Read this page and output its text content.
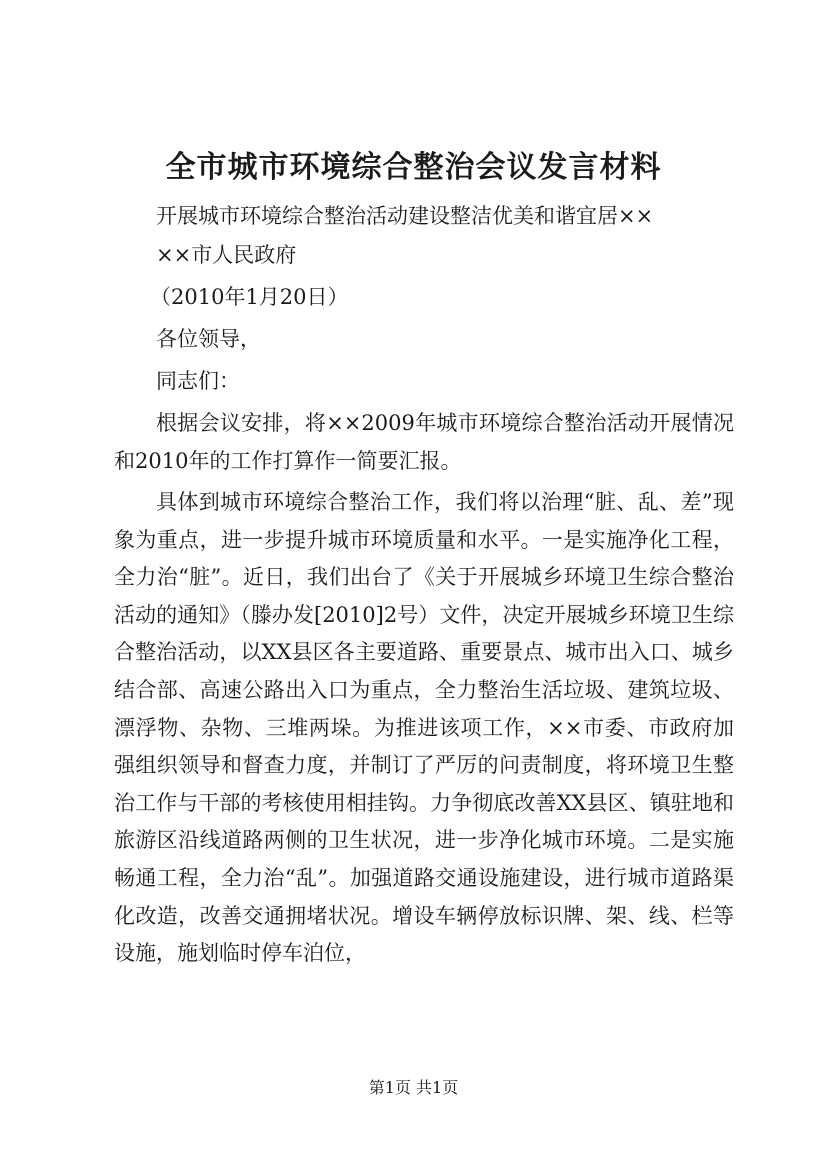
全市城市环境综合整治会议发言材料
开展城市环境综合整治活动建设整洁优美和谐宜居××
××市人民政府
（2010年1月20日）
各位领导，
同志们：
根据会议安排，将××2009年城市环境综合整治活动开展情况和2010年的工作打算作一简要汇报。
具体到城市环境综合整治工作，我们将以治理“脏、乱、差”现象为重点，进一步提升城市环境质量和水平。一是实施净化工程，全力治“脏”。近日，我们出台了《关于开展城乡环境卫生综合整治活动的通知》（滕办发[2010]2号）文件，决定开展城乡环境卫生综合整治活动，以XX县区各主要道路、重要景点、城市出入口、城乡结合部、高速公路出入口为重点，全力整治生活垃圾、建筑垃圾、漂浮物、杂物、三堆两垛。为推进该项工作，××市委、市政府加强组织领导和督查力度，并制订了严厉的问责制度，将环境卫生整治工作与干部的考核使用相挂钩。力争彻底改善XX县区、镇驻地和旅游区沿线道路两侧的卫生状况，进一步净化城市环境。二是实施畅通工程，全力治“乱”。加强道路交通设施建设，进行城市道路渠化改造，改善交通拥堵状况。增设车辆停放标识牌、架、线、栏等设施，施划临时停车泊位，
第1页 共1页
